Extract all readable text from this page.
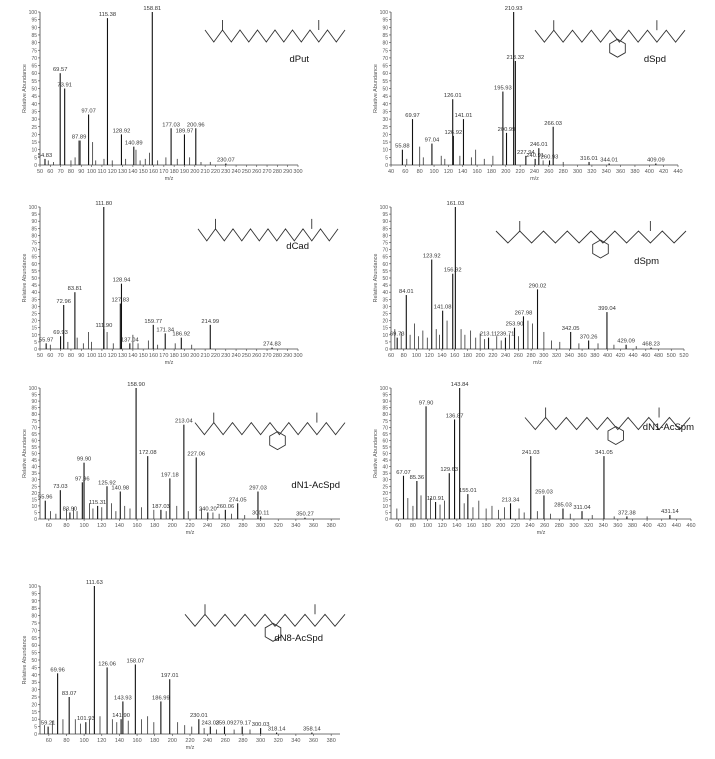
0
5
10
15
20
25
30
35
40
45
50
55
60
65
70
75
80
85
90
95
100
50 60 70 80 90 100 110 120 130 140 150 160 170 180 190 200 210 220 230 240 250 260 270 280 290 300
m/z
Relative Abundance
54.83
69.57
73.91
87.89
97.07
115.38
128.92
140.89
158.81
177.03
189.97
200.96
230.07
dPut
0
5
10
15
20
25
30
35
40
45
50
55
60
65
70
75
80
85
90
95
100
40 60 80 100 120 140 160 180 200 220 240 260 280 300 320 340 360 380 400 420 440
m/z
Relative Abundance
55.88
69.97
97.04
126.01
126.92
141.01
195.93
200.99
210.93
213.32
227.94
240.91
246.01
260.93
266.03
316.01 344.01	409.09
dSpd
0
5
10
15
20
25
30
35
40
45
50
55
60
65
70
75
80
85
90
95
100
50 60 70 80 90 100 110 120 130 140 150 160 170 180 190 200 210 220 230 240 250 260 270 280 290 300
m/z
Relative Abundance
55.97
69.93
72.96
83.81
111.80
111.90
127.83
128.94
137.04
159.77
171.34
186.92
214.99
274.83
dCad
0
5
10
15
20
25
30
35
40
45
50
55
60
65
70
75
80
85
90
95
100
60 80 100 120 140 160 180 200 220 240 260 280 300 320 340 360 380 400 420 440 460 480 500 520
m/z
Relative Abundance
69.73
84.01
123.92
141.08
156.92
161.03
213.11 239.71
253.90
267.98
290.02
342.05
370.26
399.04
429.09 468.23
dSpm
0
5
10
15
20
25
30
35
40
45
50
55
60
65
70
75
80
85
90
95
100
60 80 100 120 140 160 180 200 220 240 260 280 300 320 340 360 380
m/z
Relative Abundance
55.96
73.03
83.90
97.96
99.90
115.31
125.92
140.98
158.90
172.08
187.03
197.18
213.04
227.06
240.20 260.06
274.05
297.03
300.11	350.27
dN1-AcSpd
0
5
10
15
20
25
30
35
40
45
50
55
60
65
70
75
80
85
90
95
100
60 80 100 120 140 160 180 200 220 240 260 280 300 320 340 360 380 400 420 440 460
m/z
Relative Abundance	67.07
85.36
97.90
110.91
129.63
136.87
143.84
155.01
213.34
241.03
259.03
285.03 311.04
341.05
372.38	431.14
dN1-AcSpm
0
5
10
15
20
25
30
35
40
45
50
55
60
65
70
75
80
85
90
95
100
60 80 100 120 140 160 180 200 220 240 260 280 300 320 340 360 380
m/z
Relative Abundance
59.21
69.96
83.07
101.93
111.63
126.06
141.90
143.93
158.07
186.99
197.01
230.01
243.03
259.09 279.17 300.03
318.14	358.14
dN8-AcSpd
